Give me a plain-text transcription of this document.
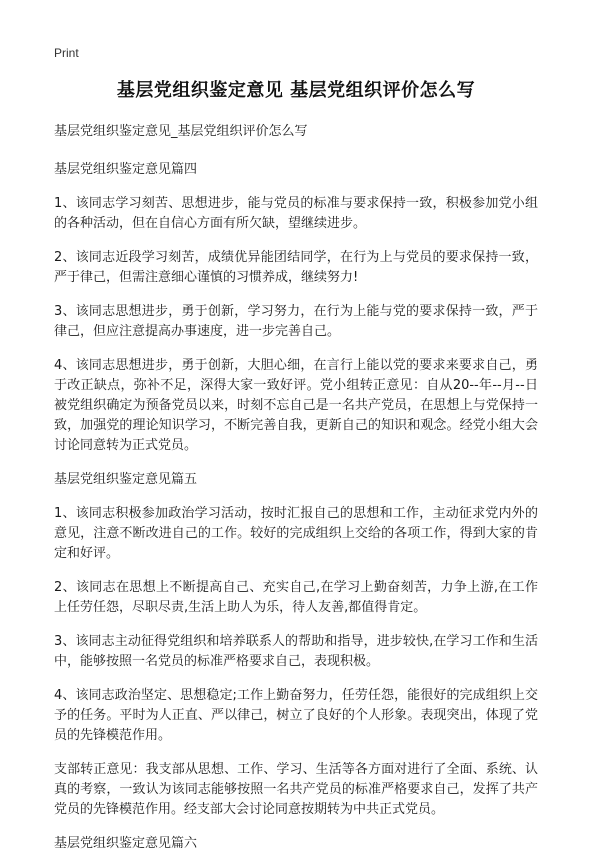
Print
基层党组织鉴定意见 基层党组织评价怎么写
基层党组织鉴定意见_基层党组织评价怎么写
基层党组织鉴定意见篇四
1、该同志学习刻苦、思想进步，能与党员的标准与要求保持一致，积极参加党小组的各种活动，但在自信心方面有所欠缺，望继续进步。
2、该同志近段学习刻苦，成绩优异能团结同学，在行为上与党员的要求保持一致，严于律己，但需注意细心谨慎的习惯养成，继续努力!
3、该同志思想进步，勇于创新，学习努力，在行为上能与党的要求保持一致，严于律己，但应注意提高办事速度，进一步完善自己。
4、该同志思想进步，勇于创新，大胆心细，在言行上能以党的要求来要求自己，勇于改正缺点，弥补不足，深得大家一致好评。党小组转正意见：自从20--年--月--日被党组织确定为预备党员以来，时刻不忘自己是一名共产党员，在思想上与党保持一致，加强党的理论知识学习，不断完善自我，更新自己的知识和观念。经党小组大会讨论同意转为正式党员。
基层党组织鉴定意见篇五
1、该同志积极参加政治学习活动，按时汇报自己的思想和工作，主动征求党内外的意见，注意不断改进自己的工作。较好的完成组织上交给的各项工作，得到大家的肯定和好评。
2、该同志在思想上不断提高自己、充实自己,在学习上勤奋刻苦，力争上游,在工作上任劳任怨，尽职尽责,生活上助人为乐，待人友善,都值得肯定。
3、该同志主动征得党组织和培养联系人的帮助和指导，进步较快,在学习工作和生活中，能够按照一名党员的标准严格要求自己，表现积极。
4、该同志政治坚定、思想稳定;工作上勤奋努力，任劳任怨，能很好的完成组织上交予的任务。平时为人正直、严以律己，树立了良好的个人形象。表现突出，体现了党员的先锋模范作用。
支部转正意见：我支部从思想、工作、学习、生活等各方面对进行了全面、系统、认真的考察，一致认为该同志能够按照一名共产党员的标准严格要求自己，发挥了共产党员的先锋模范作用。经支部大会讨论同意按期转为中共正式党员。
基层党组织鉴定意见篇六
